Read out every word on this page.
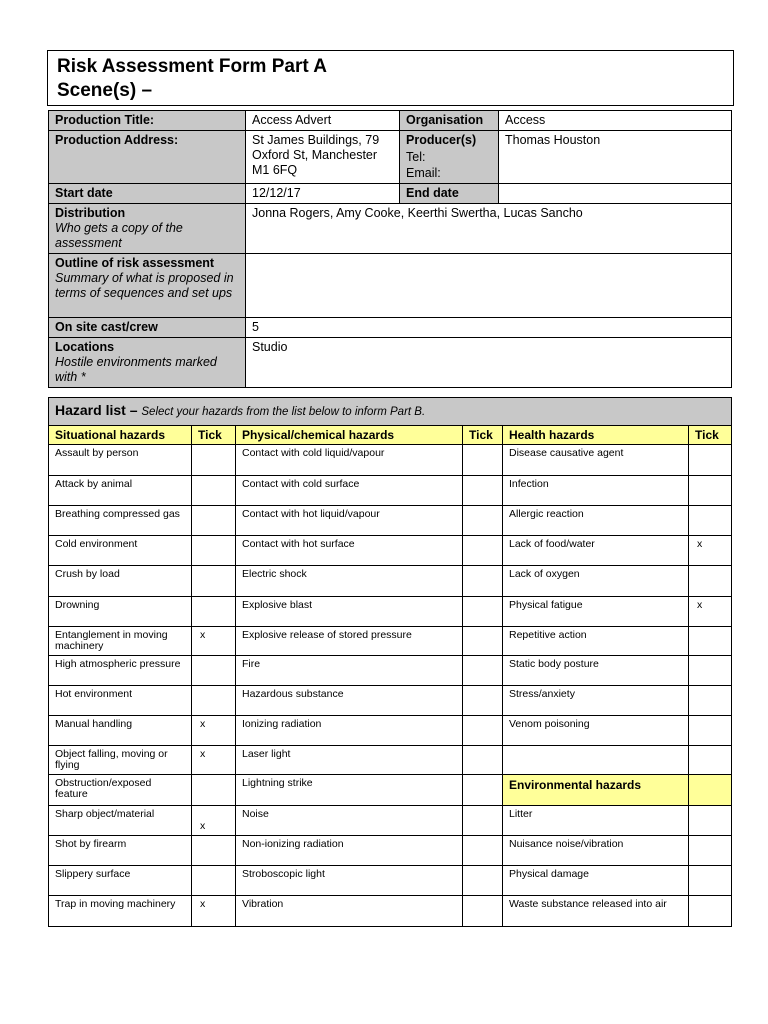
Risk Assessment Form Part A
Scene(s) –
Production Title:	Access Advert	Organisation	Access
Production Address:	St James Buildings, 79
Oxford St, Manchester
M1 6FQ	Producer(s)
Tel:
Email:	Thomas Houston
Start date	12/12/17	End date	
Distribution
Who gets a copy of the assessment	Jonna Rogers, Amy Cooke, Keerthi Swertha, Lucas Sancho		
Outline of risk assessment
Summary of what is proposed in terms of sequences and set ups			

On site cast/crew	5		
Locations
Hostile environments marked with *	Studio		
Hazard list – Select your hazards from the list below to inform Part B.					
Situational hazards	Tick	Physical/chemical hazards	Tick	Health hazards	Tick
Assault by person		Contact with cold liquid/vapour		Disease causative agent	
Attack by animal		Contact with cold surface		Infection	
Breathing compressed gas		Contact with hot liquid/vapour		Allergic reaction	
Cold environment		Contact with hot surface		Lack of food/water	x
Crush by load		Electric shock		Lack of oxygen	
Drowning		Explosive blast		Physical fatigue	x
Entanglement in moving machinery	x	Explosive release of stored pressure		Repetitive action	
High atmospheric pressure		Fire		Static body posture	
Hot environment		Hazardous substance		Stress/anxiety	
Manual handling	x	Ionizing radiation		Venom poisoning	
Object falling, moving or flying	x	Laser light			
Obstruction/exposed feature		Lightning strike		Environmental hazards	
Sharp object/material	x	Noise		Litter	
Shot by firearm		Non-ionizing radiation		Nuisance noise/vibration	
Slippery surface		Stroboscopic light		Physical damage	
Trap in moving machinery	x	Vibration		Waste substance released into air	
